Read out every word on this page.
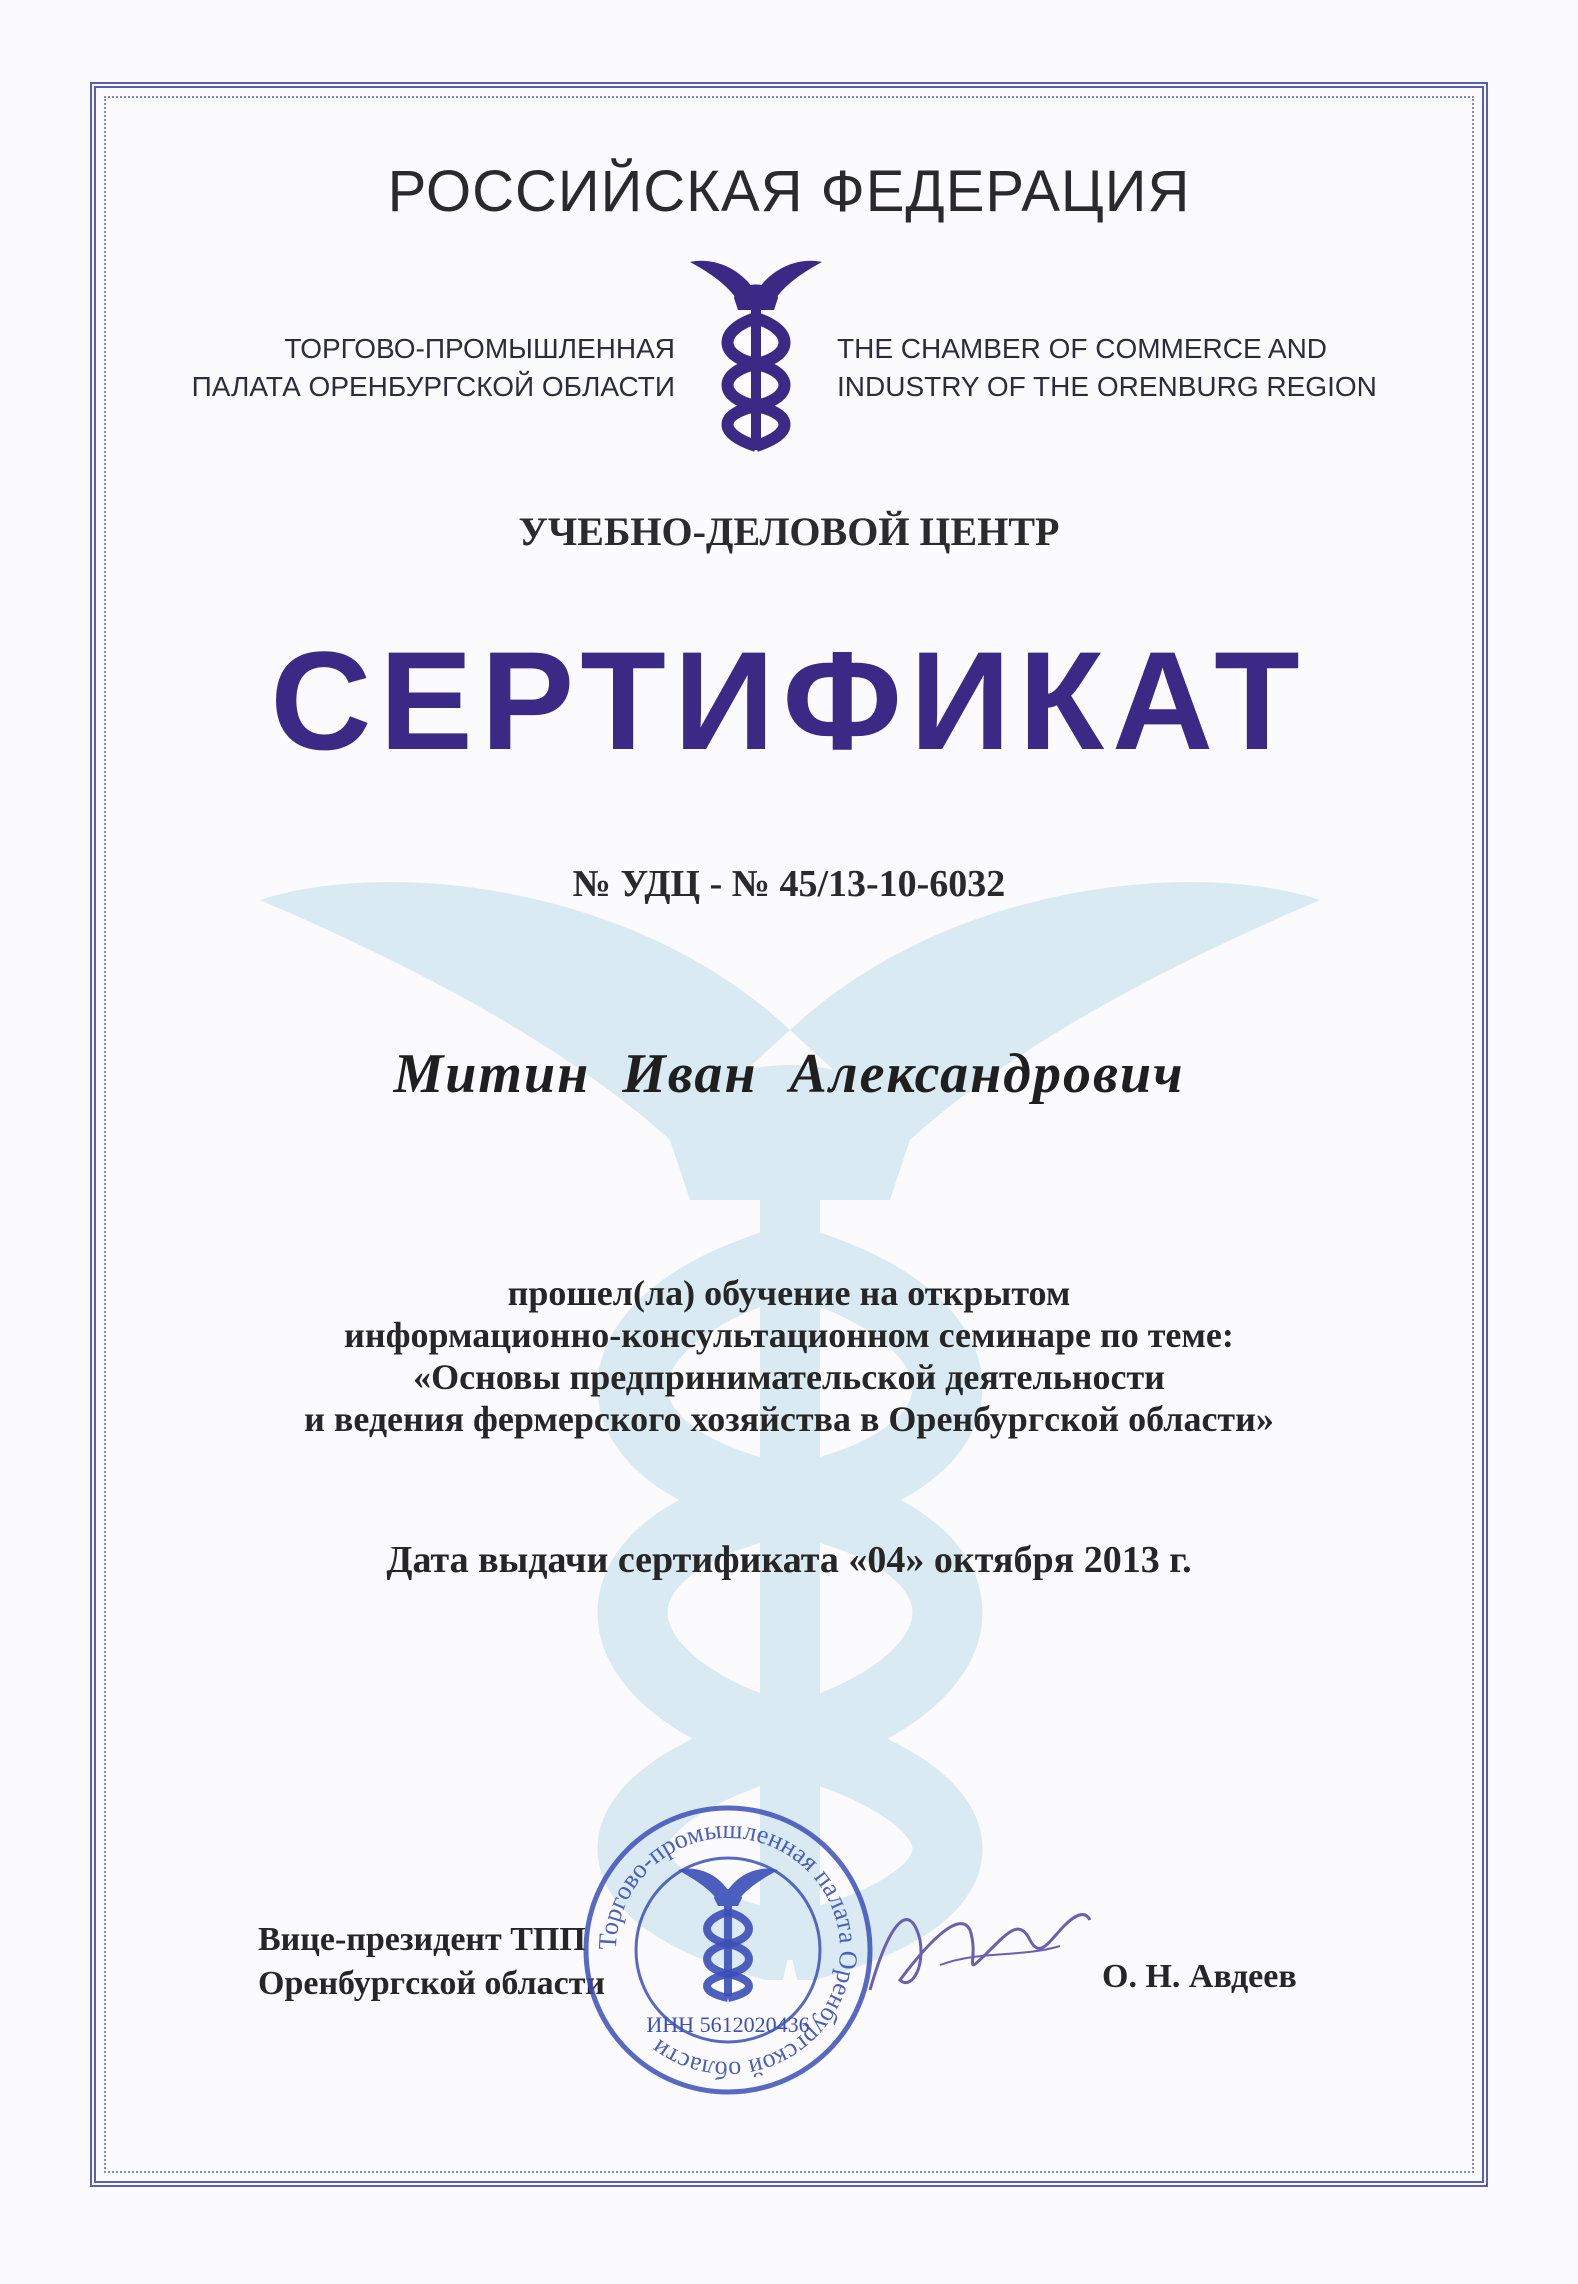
РОССИЙСКАЯ ФЕДЕРАЦИЯ
ТОРГОВО-ПРОМЫШЛЕННАЯ
ПАЛАТА ОРЕНБУРГСКОЙ ОБЛАСТИ
THE CHAMBER OF COMMERCE AND
INDUSTRY OF THE ORENBURG REGION
УЧЕБНО-ДЕЛОВОЙ ЦЕНТР
СЕРТИФИКАТ
№ УДЦ - № 45/13-10-6032
Митин  Иван  Александрович
прошел(ла) обучение на открытом
информационно-консультационном семинаре по теме:
«Основы предпринимательской деятельности
и ведения фермерского хозяйства в Оренбургской области»
Дата выдачи сертификата «04» октября 2013 г.
Вице-президент ТПП
Оренбургской области
Торгово-промышленная палата Оренбургской области
ИНН 5612020436
О. Н. Авдеев
